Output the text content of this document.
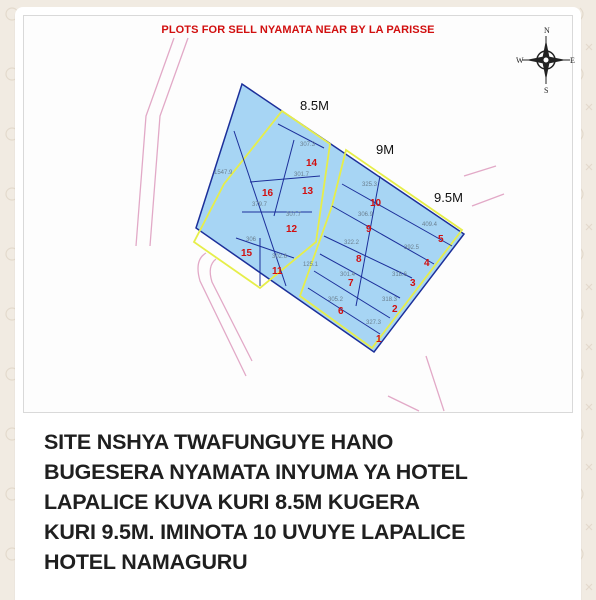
PLOTS FOR SELL NYAMATA NEAR BY LA PARISSE	N
S
W	E
8.5M
9M
9.5M
1547.9
307.3
301.7
379.7
307.7
306
302.6
125.1
325.3
306.9
322.2
301.4
305.2
409.4
392.5
318.6
318.3
327.3
14
13
16
12
15
11
10
9
8
7
6
5
4
3
2
1
SITE NSHYA TWAFUNGUYE HANO
BUGESERA NYAMATA INYUMA YA HOTEL
LAPALICE KUVA KURI 8.5M KUGERA
KURI 9.5M. IMINOTA 10 UVUYE LAPALICE
HOTEL NAMAGURU
